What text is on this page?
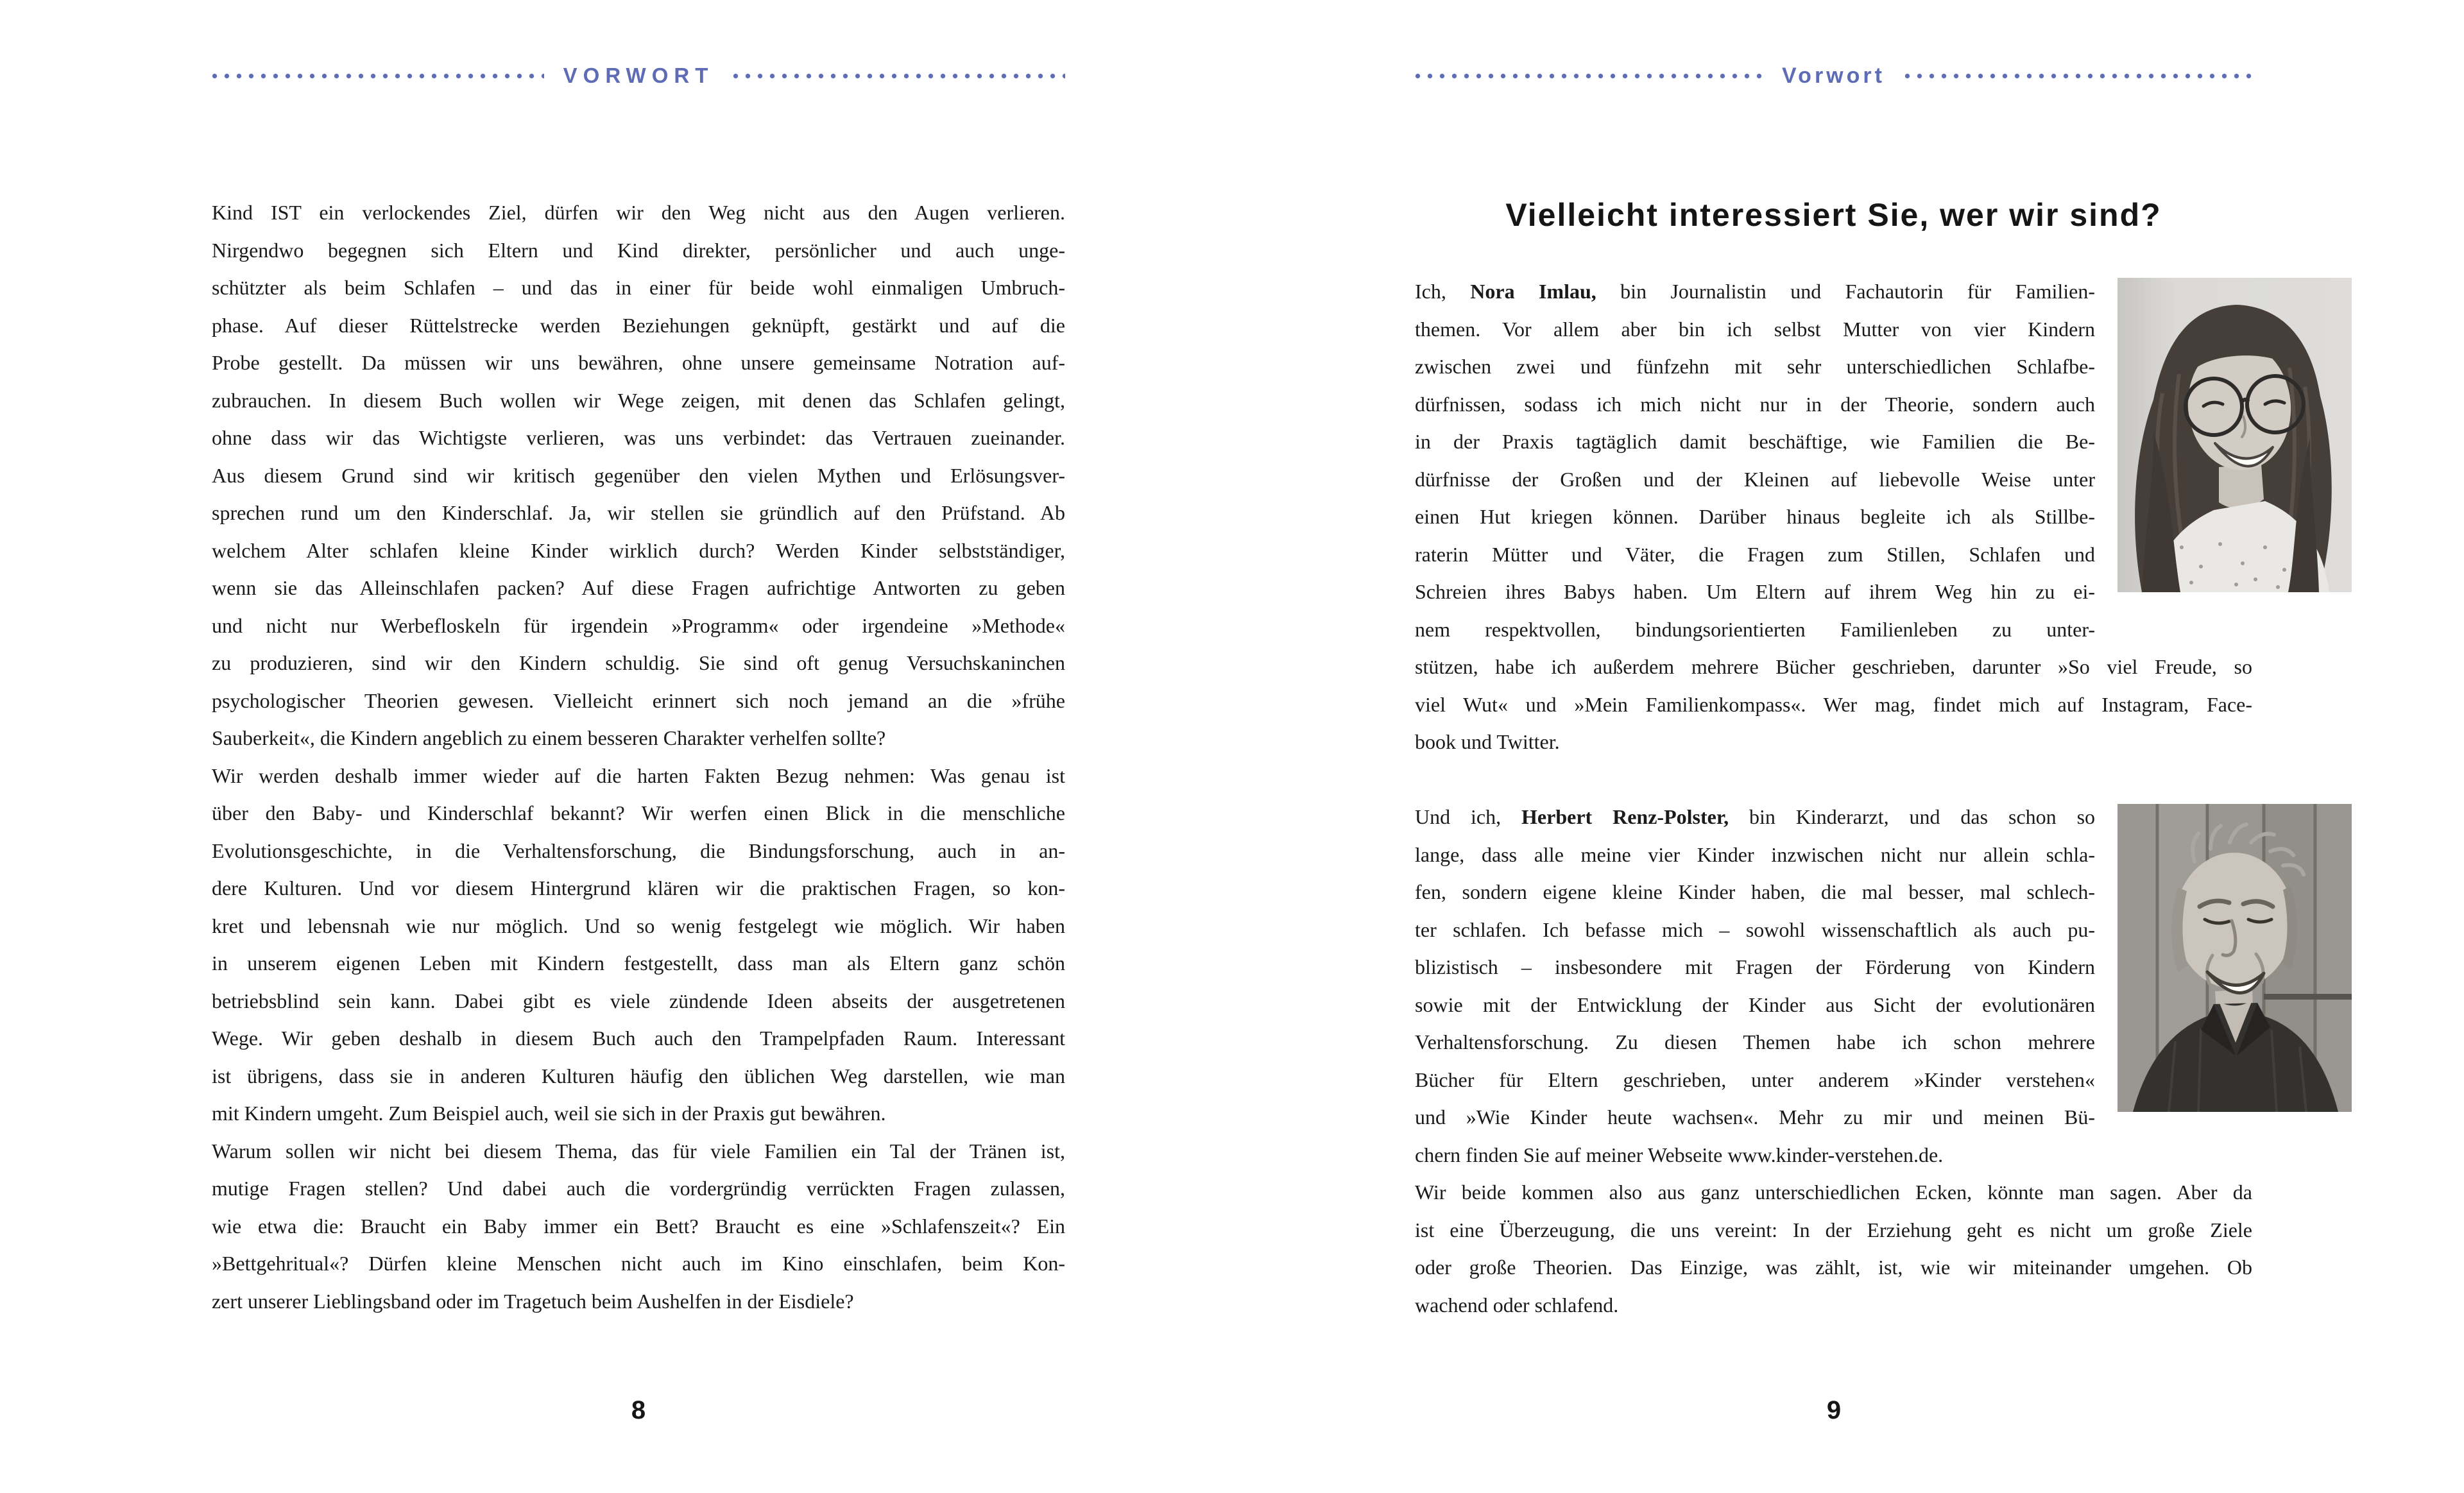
VORWORT
Kind IST ein verlockendes Ziel, dürfen wir den Weg nicht aus den Augen verlieren.
Nirgendwo begegnen sich Eltern und Kind direkter, persönlicher und auch unge-
schützter als beim Schlafen – und das in einer für beide wohl einmaligen Umbruch-
phase. Auf dieser Rüttelstrecke werden Beziehungen geknüpft, gestärkt und auf die
Probe gestellt. Da müssen wir uns bewähren, ohne unsere gemeinsame Notration auf-
zubrauchen. In diesem Buch wollen wir Wege zeigen, mit denen das Schlafen gelingt,
ohne dass wir das Wichtigste verlieren, was uns verbindet: das Vertrauen zueinander.
Aus diesem Grund sind wir kritisch gegenüber den vielen Mythen und Erlösungsver-
sprechen rund um den Kinderschlaf. Ja, wir stellen sie gründlich auf den Prüfstand. Ab
welchem Alter schlafen kleine Kinder wirklich durch? Werden Kinder selbstständiger,
wenn sie das Alleinschlafen packen? Auf diese Fragen aufrichtige Antworten zu geben
und nicht nur Werbefloskeln für irgendein »Programm« oder irgendeine »Methode«
zu produzieren, sind wir den Kindern schuldig. Sie sind oft genug Versuchskaninchen
psychologischer Theorien gewesen. Vielleicht erinnert sich noch jemand an die »frühe
Sauberkeit«, die Kindern angeblich zu einem besseren Charakter verhelfen sollte?
Wir werden deshalb immer wieder auf die harten Fakten Bezug nehmen: Was genau ist
über den Baby- und Kinderschlaf bekannt? Wir werfen einen Blick in die menschliche
Evolutionsgeschichte, in die Verhaltensforschung, die Bindungsforschung, auch in an-
dere Kulturen. Und vor diesem Hintergrund klären wir die praktischen Fragen, so kon-
kret und lebensnah wie nur möglich. Und so wenig festgelegt wie möglich. Wir haben
in unserem eigenen Leben mit Kindern festgestellt, dass man als Eltern ganz schön
betriebsblind sein kann. Dabei gibt es viele zündende Ideen abseits der ausgetretenen
Wege. Wir geben deshalb in diesem Buch auch den Trampelpfaden Raum. Interessant
ist übrigens, dass sie in anderen Kulturen häufig den üblichen Weg darstellen, wie man
mit Kindern umgeht. Zum Beispiel auch, weil sie sich in der Praxis gut bewähren.
Warum sollen wir nicht bei diesem Thema, das für viele Familien ein Tal der Tränen ist,
mutige Fragen stellen? Und dabei auch die vordergründig verrückten Fragen zulassen,
wie etwa die: Braucht ein Baby immer ein Bett? Braucht es eine »Schlafenszeit«? Ein
»Bettgehritual«? Dürfen kleine Menschen nicht auch im Kino einschlafen, beim Kon-
zert unserer Lieblingsband oder im Tragetuch beim Aushelfen in der Eisdiele?
8
Vorwort
Vielleicht interessiert Sie, wer wir sind?
Ich, Nora Imlau, bin Journalistin und Fachautorin für Familien-
themen. Vor allem aber bin ich selbst Mutter von vier Kindern
zwischen zwei und fünfzehn mit sehr unterschiedlichen Schlafbe-
dürfnissen, sodass ich mich nicht nur in der Theorie, sondern auch
in der Praxis tagtäglich damit beschäftige, wie Familien die Be-
dürfnisse der Großen und der Kleinen auf liebevolle Weise unter
einen Hut kriegen können. Darüber hinaus begleite ich als Stillbe-
raterin Mütter und Väter, die Fragen zum Stillen, Schlafen und
Schreien ihres Babys haben. Um Eltern auf ihrem Weg hin zu ei-
nem respektvollen, bindungsorientierten Familienleben zu unter-
stützen, habe ich außerdem mehrere Bücher geschrieben, darunter »So viel Freude, so
viel Wut« und »Mein Familienkompass«. Wer mag, findet mich auf Instagram, Face-
book und Twitter.
Und ich, Herbert Renz-Polster, bin Kinderarzt, und das schon so
lange, dass alle meine vier Kinder inzwischen nicht nur allein schla-
fen, sondern eigene kleine Kinder haben, die mal besser, mal schlech-
ter schlafen. Ich befasse mich – sowohl wissenschaftlich als auch pu-
blizistisch – insbesondere mit Fragen der Förderung von Kindern
sowie mit der Entwicklung der Kinder aus Sicht der evolutionären
Verhaltensforschung. Zu diesen Themen habe ich schon mehrere
Bücher für Eltern geschrieben, unter anderem »Kinder verstehen«
und »Wie Kinder heute wachsen«. Mehr zu mir und meinen Bü-
chern finden Sie auf meiner Webseite www.kinder-verstehen.de.
Wir beide kommen also aus ganz unterschiedlichen Ecken, könnte man sagen. Aber da
ist eine Überzeugung, die uns vereint: In der Erziehung geht es nicht um große Ziele
oder große Theorien. Das Einzige, was zählt, ist, wie wir miteinander umgehen. Ob
wachend oder schlafend.
9
